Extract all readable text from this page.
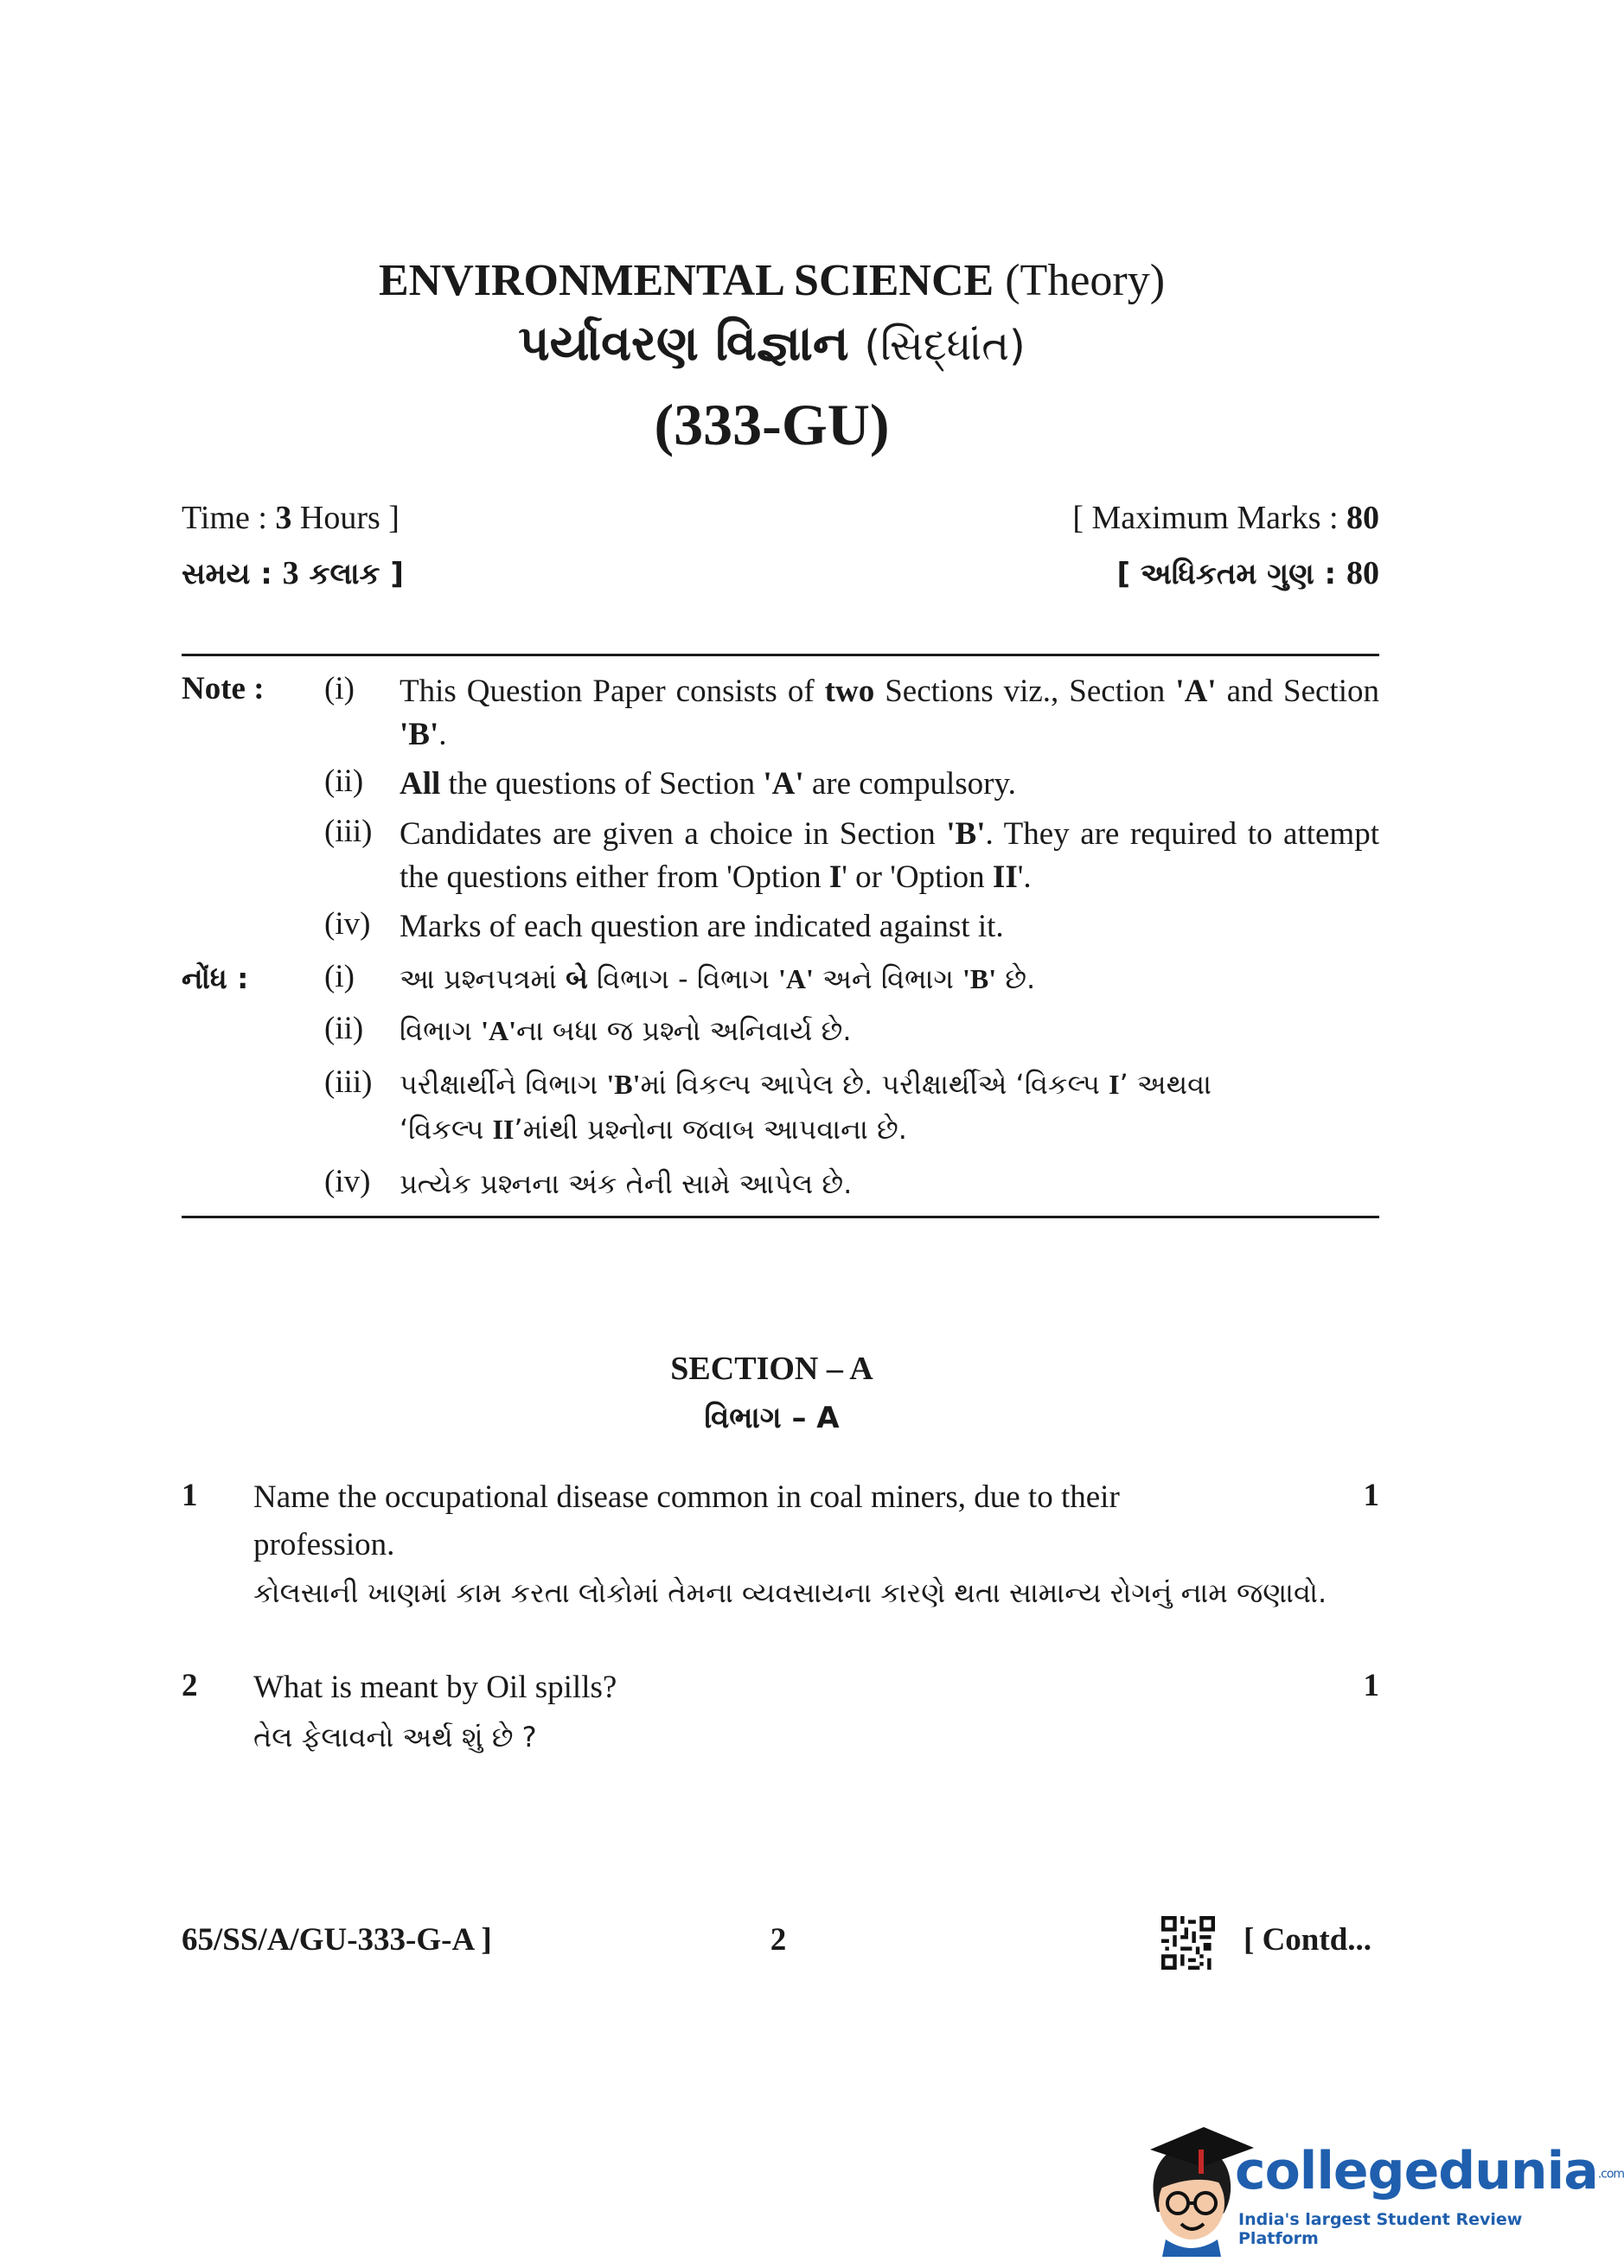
ENVIRONMENTAL SCIENCE (Theory)
પર્યાવરણ વિજ્ઞાન (સિદ્ધાંત)
(333-GU)
Time : 3 Hours ]	[ Maximum Marks : 80
સમય : 3 કલાક ]	[ અધિકતમ ગુણ : 80
Note : (i)	This Question Paper consists of two Sections viz., Section 'A' and Section 'B'.
(ii)	All the questions of Section 'A' are compulsory.
(iii) Candidates are given a choice in Section 'B'. They are required to attempt the questions either from 'Option I' or 'Option II'.
(iv) Marks of each question are indicated against it.
નોંધ : (i)	આ પ્રશ્નપત્રમાં બે વિભાગ - વિભાગ 'A' અને વિભાગ 'B' છે.
(ii)	વિભાગ 'A'ના બધા જ પ્રશ્નો અનિવાર્ય છે.
(iii) પરીક્ષાર્થીને વિભાગ 'B'માં વિકલ્પ આપેલ છે. પરીક્ષાર્થીએ ‘વિકલ્પ I’ અથવા
‘વિકલ્પ II’માંથી પ્રશ્નોના જવાબ આપવાના છે.
(iv)	પ્રત્યેક પ્રશ્નના અંક તેની સામે આપેલ છે.
SECTION – A
વિભાગ – A
1 Name the occupational disease common in coal miners, due to their profession.
કોલસાની ખાણમાં કામ કરતા લોકોમાં તેમના વ્યવસાયના કારણે થતા સામાન્ય રોગનું નામ જણાવો.
1
2 What is meant by Oil spills?
તેલ ફેલાવનો અર્થ શું છે ?
1
65/SS/A/GU-333-G-A ]	2	[ Contd...
collegedunia.com
India's largest Student Review Platform
